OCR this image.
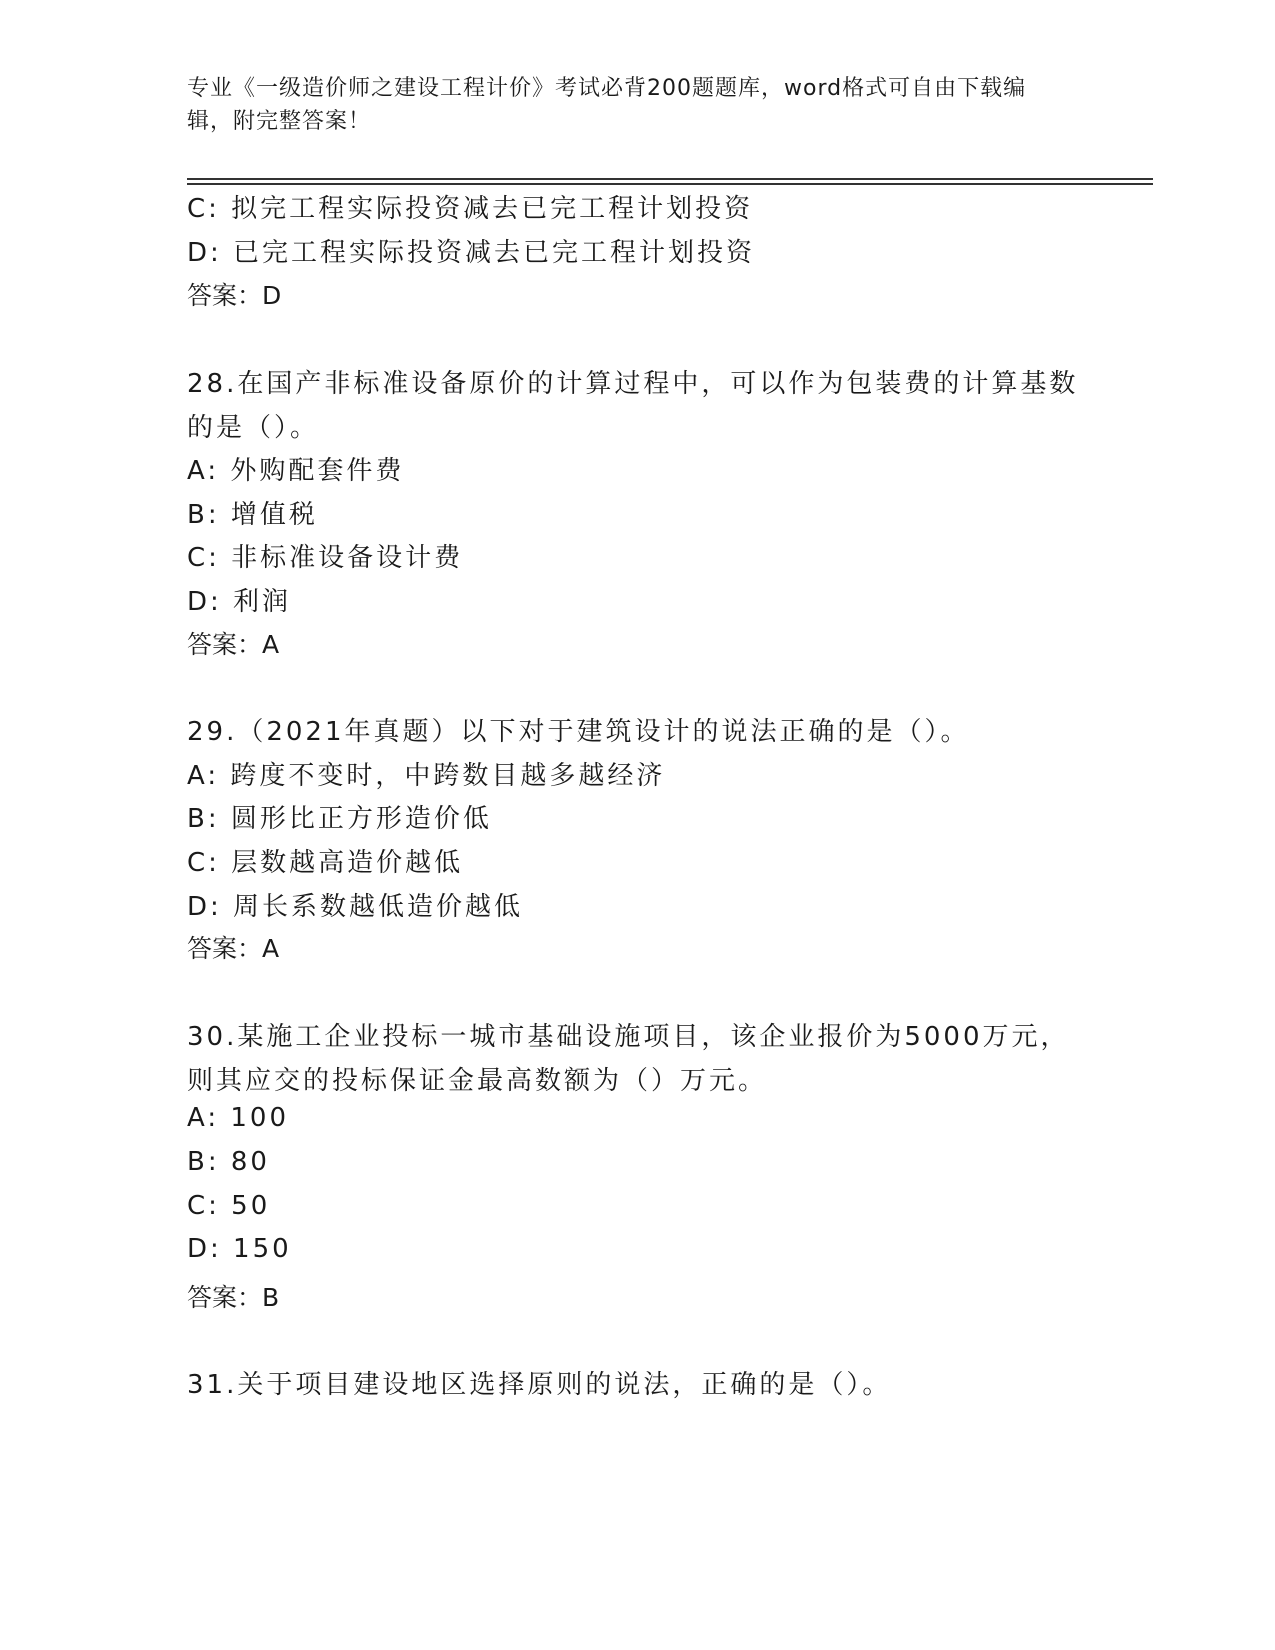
专业《一级造价师之建设工程计价》考试必背200题题库，word格式可自由下载编辑，附完整答案！
C: 拟完工程实际投资减去已完工程计划投资
D: 已完工程实际投资减去已完工程计划投资
答案：D
28.在国产非标准设备原价的计算过程中，可以作为包装费的计算基数
的是（）。
A: 外购配套件费
B: 增值税
C: 非标准设备设计费
D: 利润
答案：A
29.（2021年真题）以下对于建筑设计的说法正确的是（）。
A: 跨度不变时，中跨数目越多越经济
B: 圆形比正方形造价低
C: 层数越高造价越低
D: 周长系数越低造价越低
答案：A
30.某施工企业投标一城市基础设施项目，该企业报价为5000万元，
则其应交的投标保证金最高数额为（）万元。
A: 100
B: 80
C: 50
D: 150
答案：B
31.关于项目建设地区选择原则的说法，正确的是（）。
